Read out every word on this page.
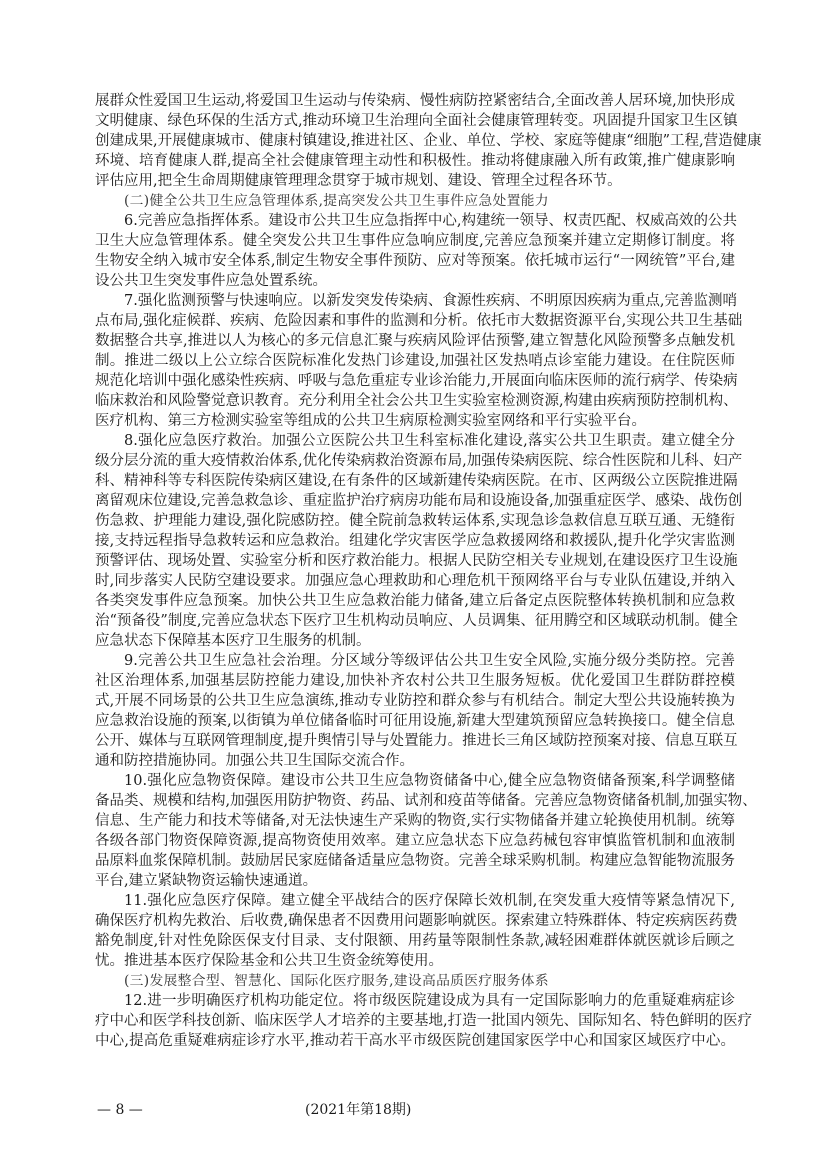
展群众性爱国卫生运动,将爱国卫生运动与传染病、慢性病防控紧密结合,全面改善人居环境,加快形成
文明健康、绿色环保的生活方式,推动环境卫生治理向全面社会健康管理转变。巩固提升国家卫生区镇
创建成果,开展健康城市、健康村镇建设,推进社区、企业、单位、学校、家庭等健康“细胞”工程,营造健康
环境、培育健康人群,提高全社会健康管理主动性和积极性。推动将健康融入所有政策,推广健康影响
评估应用,把全生命周期健康管理理念贯穿于城市规划、建设、管理全过程各环节。
(二)健全公共卫生应急管理体系,提高突发公共卫生事件应急处置能力
6.完善应急指挥体系。建设市公共卫生应急指挥中心,构建统一领导、权责匹配、权威高效的公共
卫生大应急管理体系。健全突发公共卫生事件应急响应制度,完善应急预案并建立定期修订制度。将
生物安全纳入城市安全体系,制定生物安全事件预防、应对等预案。依托城市运行“一网统管”平台,建
设公共卫生突发事件应急处置系统。
7.强化监测预警与快速响应。以新发突发传染病、食源性疾病、不明原因疾病为重点,完善监测哨
点布局,强化症候群、疾病、危险因素和事件的监测和分析。依托市大数据资源平台,实现公共卫生基础
数据整合共享,推进以人为核心的多元信息汇聚与疾病风险评估预警,建立智慧化风险预警多点触发机
制。推进二级以上公立综合医院标准化发热门诊建设,加强社区发热哨点诊室能力建设。在住院医师
规范化培训中强化感染性疾病、呼吸与急危重症专业诊治能力,开展面向临床医师的流行病学、传染病
临床救治和风险警觉意识教育。充分利用全社会公共卫生实验室检测资源,构建由疾病预防控制机构、
医疗机构、第三方检测实验室等组成的公共卫生病原检测实验室网络和平行实验平台。
8.强化应急医疗救治。加强公立医院公共卫生科室标准化建设,落实公共卫生职责。建立健全分
级分层分流的重大疫情救治体系,优化传染病救治资源布局,加强传染病医院、综合性医院和儿科、妇产
科、精神科等专科医院传染病区建设,在有条件的区域新建传染病医院。在市、区两级公立医院推进隔
离留观床位建设,完善急救急诊、重症监护治疗病房功能布局和设施设备,加强重症医学、感染、战伤创
伤急救、护理能力建设,强化院感防控。健全院前急救转运体系,实现急诊急救信息互联互通、无缝衔
接,支持远程指导急救转运和应急救治。组建化学灾害医学应急救援网络和救援队,提升化学灾害监测
预警评估、现场处置、实验室分析和医疗救治能力。根据人民防空相关专业规划,在建设医疗卫生设施
时,同步落实人民防空建设要求。加强应急心理救助和心理危机干预网络平台与专业队伍建设,并纳入
各类突发事件应急预案。加快公共卫生应急救治能力储备,建立后备定点医院整体转换机制和应急救
治“预备役”制度,完善应急状态下医疗卫生机构动员响应、人员调集、征用腾空和区域联动机制。健全
应急状态下保障基本医疗卫生服务的机制。
9.完善公共卫生应急社会治理。分区域分等级评估公共卫生安全风险,实施分级分类防控。完善
社区治理体系,加强基层防控能力建设,加快补齐农村公共卫生服务短板。优化爱国卫生群防群控模
式,开展不同场景的公共卫生应急演练,推动专业防控和群众参与有机结合。制定大型公共设施转换为
应急救治设施的预案,以街镇为单位储备临时可征用设施,新建大型建筑预留应急转换接口。健全信息
公开、媒体与互联网管理制度,提升舆情引导与处置能力。推进长三角区域防控预案对接、信息互联互
通和防控措施协同。加强公共卫生国际交流合作。
10.强化应急物资保障。建设市公共卫生应急物资储备中心,健全应急物资储备预案,科学调整储
备品类、规模和结构,加强医用防护物资、药品、试剂和疫苗等储备。完善应急物资储备机制,加强实物、
信息、生产能力和技术等储备,对无法快速生产采购的物资,实行实物储备并建立轮换使用机制。统筹
各级各部门物资保障资源,提高物资使用效率。建立应急状态下应急药械包容审慎监管机制和血液制
品原料血浆保障机制。鼓励居民家庭储备适量应急物资。完善全球采购机制。构建应急智能物流服务
平台,建立紧缺物资运输快速通道。
11.强化应急医疗保障。建立健全平战结合的医疗保障长效机制,在突发重大疫情等紧急情况下,
确保医疗机构先救治、后收费,确保患者不因费用问题影响就医。探索建立特殊群体、特定疾病医药费
豁免制度,针对性免除医保支付目录、支付限额、用药量等限制性条款,减轻困难群体就医就诊后顾之
忧。推进基本医疗保险基金和公共卫生资金统筹使用。
(三)发展整合型、智慧化、国际化医疗服务,建设高品质医疗服务体系
12.进一步明确医疗机构功能定位。将市级医院建设成为具有一定国际影响力的危重疑难病症诊
疗中心和医学科技创新、临床医学人才培养的主要基地,打造一批国内领先、国际知名、特色鲜明的医疗
中心,提高危重疑难病症诊疗水平,推动若干高水平市级医院创建国家医学中心和国家区域医疗中心。
— 8 —	(2021年第18期)
